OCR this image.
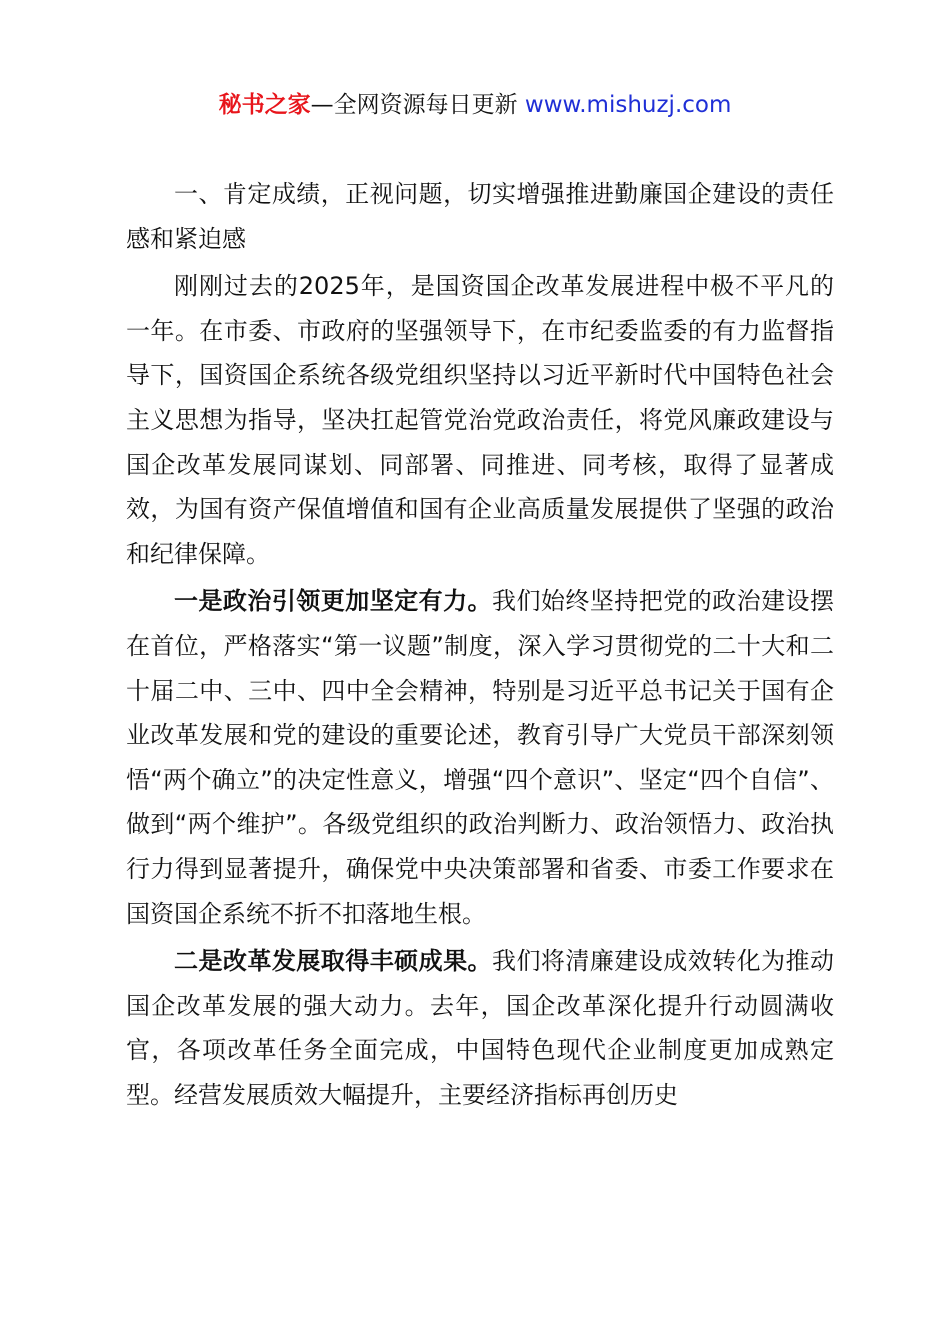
秘书之家—全网资源每日更新 www.mishuzj.com

一、肯定成绩，正视问题，切实增强推进勤廉国企建设的责任感和紧迫感

刚刚过去的2025年，是国资国企改革发展进程中极不平凡的一年。在市委、市政府的坚强领导下，在市纪委监委的有力监督指导下，国资国企系统各级党组织坚持以习近平新时代中国特色社会主义思想为指导，坚决扛起管党治党政治责任，将党风廉政建设与国企改革发展同谋划、同部署、同推进、同考核，取得了显著成效，为国有资产保值增值和国有企业高质量发展提供了坚强的政治和纪律保障。

一是政治引领更加坚定有力。我们始终坚持把党的政治建设摆在首位，严格落实“第一议题”制度，深入学习贯彻党的二十大和二十届二中、三中、四中全会精神，特别是习近平总书记关于国有企业改革发展和党的建设的重要论述，教育引导广大党员干部深刻领悟“两个确立”的决定性意义，增强“四个意识”、坚定“四个自信”、做到“两个维护”。各级党组织的政治判断力、政治领悟力、政治执行力得到显著提升，确保党中央决策部署和省委、市委工作要求在国资国企系统不折不扣落地生根。

二是改革发展取得丰硕成果。我们将清廉建设成效转化为推动国企改革发展的强大动力。去年，国企改革深化提升行动圆满收官，各项改革任务全面完成，中国特色现代企业制度更加成熟定型。经营发展质效大幅提升，主要经济指标再创历史
